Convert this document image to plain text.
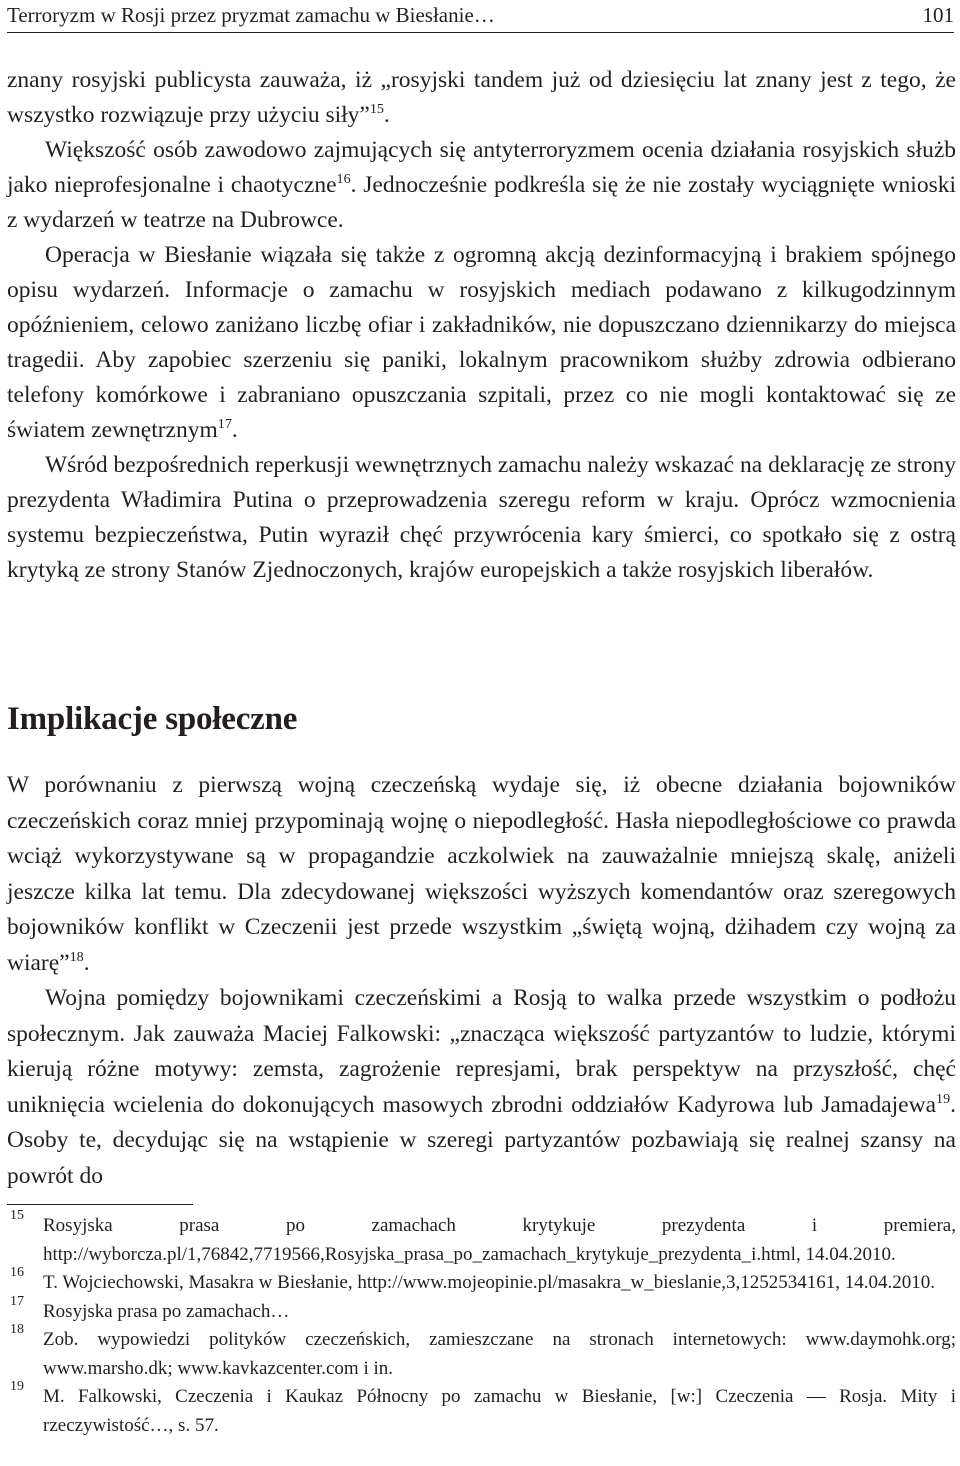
Terroryzm w Rosji przez pryzmat zamachu w Biesłanie…	101

znany rosyjski publicysta zauważa, iż „rosyjski tandem już od dziesięciu lat znany jest z tego, że wszystko rozwiązuje przy użyciu siły”$^{15}$.

Większość osób zawodowo zajmujących się antyterroryzmem ocenia działania rosyjskich służb jako nieprofesjonalne i chaotyczne$^{16}$. Jednocześnie podkreśla się że nie zostały wyciągnięte wnioski z wydarzeń w teatrze na Dubrowce.

Operacja w Biesłanie wiązała się także z ogromną akcją dezinformacyjną i brakiem spójnego opisu wydarzeń. Informacje o zamachu w rosyjskich mediach podawano z kilkugodzinnym opóźnieniem, celowo zaniżano liczbę ofiar i zakładników, nie dopuszczano dziennikarzy do miejsca tragedii. Aby zapobiec szerzeniu się paniki, lokalnym pracownikom służby zdrowia odbierano telefony komórkowe i zabraniano opuszczania szpitali, przez co nie mogli kontaktować się ze światem zewnętrznym$^{17}$.

Wśród bezpośrednich reperkusji wewnętrznych zamachu należy wskazać na deklarację ze strony prezydenta Władimira Putina o przeprowadzenia szeregu reform w kraju. Oprócz wzmocnienia systemu bezpieczeństwa, Putin wyraził chęć przywrócenia kary śmierci, co spotkało się z ostrą krytyką ze strony Stanów Zjednoczonych, krajów europejskich a także rosyjskich liberałów.

Implikacje społeczne

W porównaniu z pierwszą wojną czeczeńską wydaje się, iż obecne działania bojowników czeczeńskich coraz mniej przypominają wojnę o niepodległość. Hasła niepodległościowe co prawda wciąż wykorzystywane są w propagandzie aczkolwiek na zauważalnie mniejszą skalę, aniżeli jeszcze kilka lat temu. Dla zdecydowanej większości wyższych komendantów oraz szeregowych bojowników konflikt w Czeczenii jest przede wszystkim „świętą wojną, dżihadem czy wojną za wiarę”$^{18}$.

Wojna pomiędzy bojownikami czeczeńskimi a Rosją to walka przede wszystkim o podłożu społecznym. Jak zauważa Maciej Falkowski: „znacząca większość partyzantów to ludzie, którymi kierują różne motywy: zemsta, zagrożenie represjami, brak perspektyw na przyszłość, chęć uniknięcia wcielenia do dokonujących masowych zbrodni oddziałów Kadyrowa lub Jamadajewa$^{19}$. Osoby te, decydując się na wstąpienie w szeregi partyzantów pozbawiają się realnej szansy na powrót do

15 Rosyjska prasa po zamachach krytykuje prezydenta i premiera, http://wyborcza.pl/1,76842,7719566,Rosyjska_prasa_po_zamachach_krytykuje_prezydenta_i.html, 14.04.2010.
16 T. Wojciechowski, Masakra w Biesłanie, http://www.mojeopinie.pl/masakra_w_bieslanie,3,1252534161, 14.04.2010.
17 Rosyjska prasa po zamachach…
18 Zob. wypowiedzi polityków czeczeńskich, zamieszczane na stronach internetowych: www.daymohk.org; www.marsho.dk; www.kavkazcenter.com i in.
19 M. Falkowski, Czeczenia i Kaukaz Północny po zamachu w Biesłanie, [w:] Czeczenia — Rosja. Mity i rzeczywistość…, s. 57.
